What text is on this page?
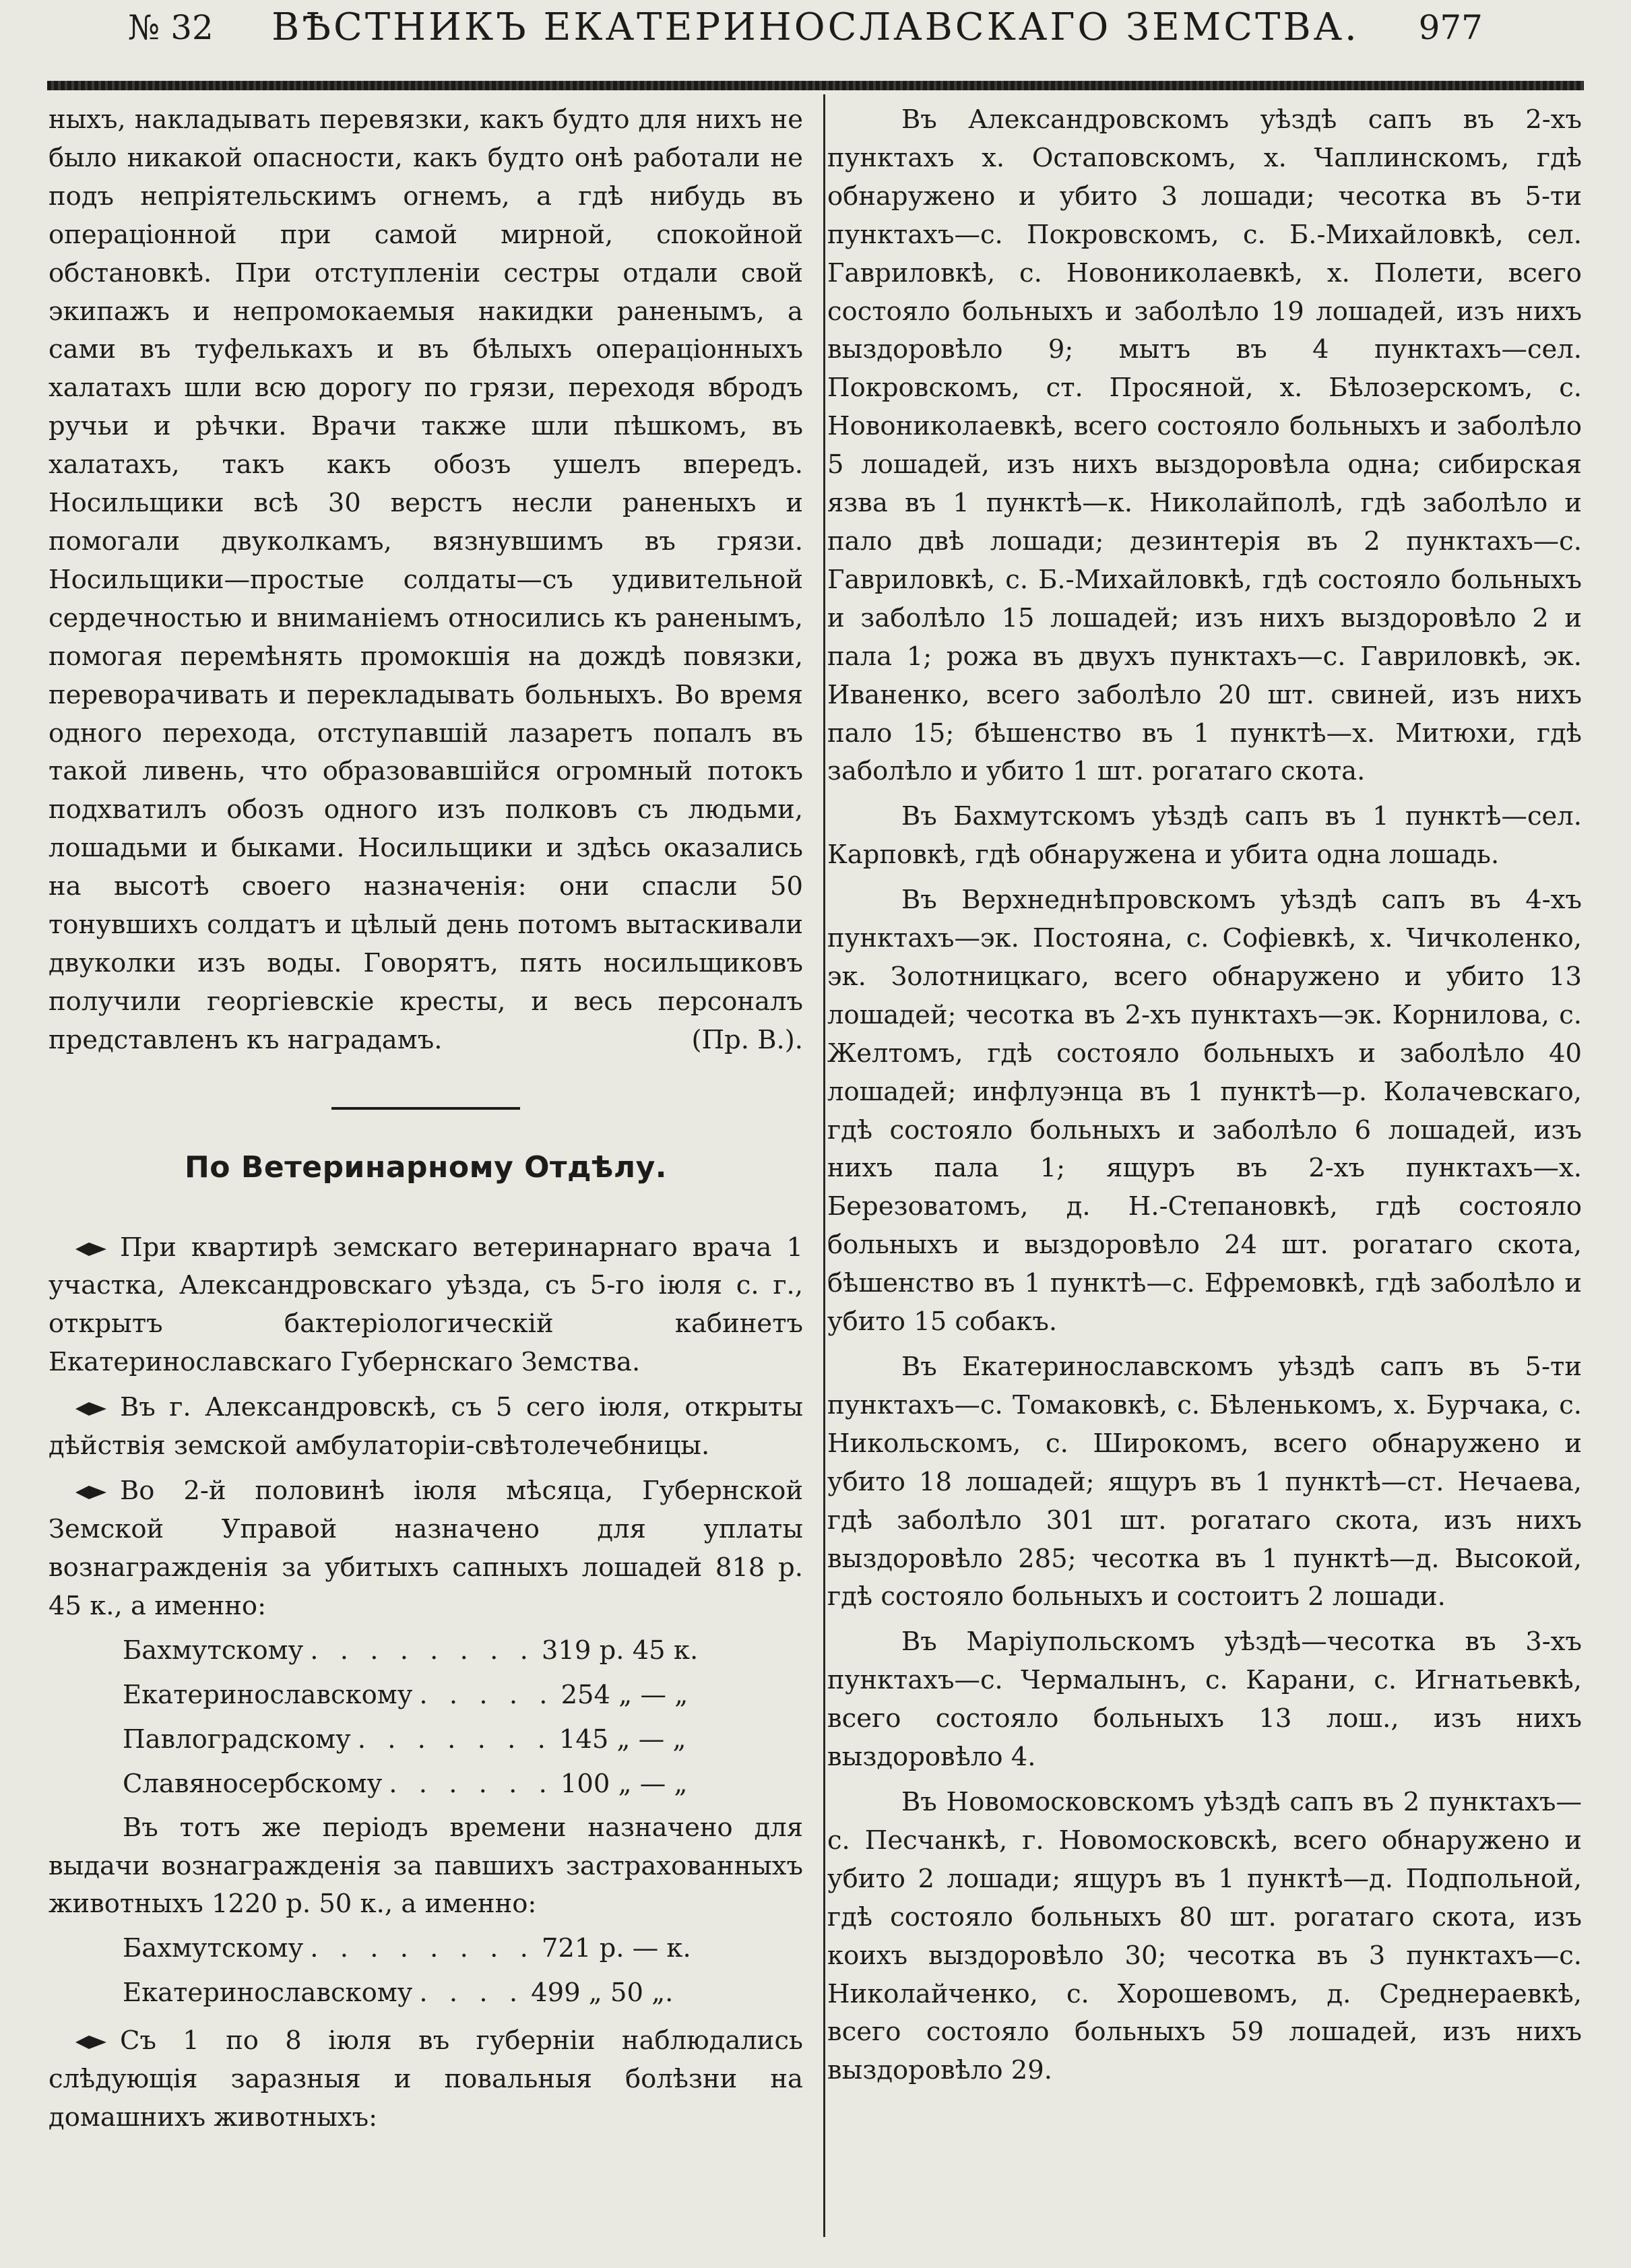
№ 32	ВѢСТНИКЪ ЕКАТЕРИНОСЛАВСКАГО ЗЕМСТВА.	977

ныхъ, накладывать перевязки, какъ будто для нихъ не было никакой опасности, какъ будто онѣ работали не подъ непріятельскимъ огнемъ, а гдѣ нибудь въ операціонной при самой мирной, спокойной обстановкѣ. При отступленіи сестры отдали свой экипажъ и непромокаемыя накидки раненымъ, а сами въ туфелькахъ и въ бѣлыхъ операціонныхъ халатахъ шли всю дорогу по грязи, переходя вбродъ ручьи и рѣчки. Врачи также шли пѣшкомъ, въ халатахъ, такъ какъ обозъ ушелъ впередъ. Носильщики всѣ 30 верстъ несли раненыхъ и помогали двуколкамъ, вязнувшимъ въ грязи. Носильщики—простые солдаты—съ удивительной сердечностью и вниманіемъ относились къ раненымъ, помогая перемѣнять промокшія на дождѣ повязки, переворачивать и перекладывать больныхъ. Во время одного перехода, отступавшій лазаретъ попалъ въ такой ливень, что образовавшійся огромный потокъ подхватилъ обозъ одного изъ полковъ съ людьми, лошадьми и быками. Носильщики и здѣсь оказались на высотѣ своего назначенія: они спасли 50 тонувшихъ солдатъ и цѣлый день потомъ вытаскивали двуколки изъ воды. Говорятъ, пять носильщиковъ получили георгіевскіе кресты, и весь персоналъ представленъ къ наградамъ.	(Пр. В.).

По Ветеринарному Отдѣлу.

При квартирѣ земскаго ветеринарнаго врача 1 участка, Александровскаго уѣзда, съ 5-го іюля с. г., открытъ бактеріологическій кабинетъ Екатеринославскаго Губернскаго Земства.

Въ г. Александровскѣ, съ 5 сего іюля, открыты дѣйствія земской амбулаторіи-свѣтолечебницы.

Во 2-й половинѣ іюля мѣсяца, Губернской Земской Управой назначено для уплаты вознагражденія за убитыхъ сапныхъ лошадей 818 р. 45 к., а именно:

Бахмутскому . . . . . . . . 319 р. 45 к.
Екатеринославскому . . . . . 254 „ — „
Павлоградскому . . . . . . . 145 „ — „
Славяносербскому . . . . . . 100 „ — „

Въ тотъ же періодъ времени назначено для выдачи вознагражденія за павшихъ застрахованныхъ животныхъ 1220 р. 50 к., а именно:

Бахмутскому . . . . . . . . 721 р. — к.
Екатеринославскому . . . . 499 „ 50 „.

Съ 1 по 8 іюля въ губерніи наблюдались слѣдующія заразныя и повальныя болѣзни на домашнихъ животныхъ:

Въ Александровскомъ уѣздѣ сапъ въ 2-хъ пунктахъ х. Остаповскомъ, х. Чаплинскомъ, гдѣ обнаружено и убито 3 лошади; чесотка въ 5-ти пунктахъ—с. Покровскомъ, с. Б.-Михайловкѣ, сел. Гавриловкѣ, с. Новониколаевкѣ, х. Полети, всего состояло больныхъ и заболѣло 19 лошадей, изъ нихъ выздоровѣло 9; мытъ въ 4 пунктахъ—сел. Покровскомъ, ст. Просяной, х. Бѣлозерскомъ, с. Новониколаевкѣ, всего состояло больныхъ и заболѣло 5 лошадей, изъ нихъ выздоровѣла одна; сибирская язва въ 1 пунктѣ—к. Николайполѣ, гдѣ заболѣло и пало двѣ лошади; дезинтерія въ 2 пунктахъ—с. Гавриловкѣ, с. Б.-Михайловкѣ, гдѣ состояло больныхъ и заболѣло 15 лошадей; изъ нихъ выздоровѣло 2 и пала 1; рожа въ двухъ пунктахъ—с. Гавриловкѣ, эк. Иваненко, всего заболѣло 20 шт. свиней, изъ нихъ пало 15; бѣшенство въ 1 пунктѣ—х. Митюхи, гдѣ заболѣло и убито 1 шт. рогатаго скота.

Въ Бахмутскомъ уѣздѣ сапъ въ 1 пунктѣ—сел. Карповкѣ, гдѣ обнаружена и убита одна лошадь.

Въ Верхнеднѣпровскомъ уѣздѣ сапъ въ 4-хъ пунктахъ—эк. Постояна, с. Софіевкѣ, х. Чичколенко, эк. Золотницкаго, всего обнаружено и убито 13 лошадей; чесотка въ 2-хъ пунктахъ—эк. Корнилова, с. Желтомъ, гдѣ состояло больныхъ и заболѣло 40 лошадей; инфлуэнца въ 1 пунктѣ—р. Колачевскаго, гдѣ состояло больныхъ и заболѣло 6 лошадей, изъ нихъ пала 1; ящуръ въ 2-хъ пунктахъ—х. Березоватомъ, д. Н.-Степановкѣ, гдѣ состояло больныхъ и выздоровѣло 24 шт. рогатаго скота, бѣшенство въ 1 пунктѣ—с. Ефремовкѣ, гдѣ заболѣло и убито 15 собакъ.

Въ Екатеринославскомъ уѣздѣ сапъ въ 5-ти пунктахъ—с. Томаковкѣ, с. Бѣленькомъ, х. Бурчака, с. Никольскомъ, с. Широкомъ, всего обнаружено и убито 18 лошадей; ящуръ въ 1 пунктѣ—ст. Нечаева, гдѣ заболѣло 301 шт. рогатаго скота, изъ нихъ выздоровѣло 285; чесотка въ 1 пунктѣ—д. Высокой, гдѣ состояло больныхъ и состоитъ 2 лошади.

Въ Маріупольскомъ уѣздѣ—чесотка въ 3-хъ пунктахъ—с. Чермалынъ, с. Карани, с. Игнатьевкѣ, всего состояло больныхъ 13 лош., изъ нихъ выздоровѣло 4.

Въ Новомосковскомъ уѣздѣ сапъ въ 2 пунктахъ—с. Песчанкѣ, г. Новомосковскѣ, всего обнаружено и убито 2 лошади; ящуръ въ 1 пунктѣ—д. Подпольной, гдѣ состояло больныхъ 80 шт. рогатаго скота, изъ коихъ выздоровѣло 30; чесотка въ 3 пунктахъ—с. Николайченко, с. Хорошевомъ, д. Среднераевкѣ, всего состояло больныхъ 59 лошадей, изъ нихъ выздоровѣло 29.
